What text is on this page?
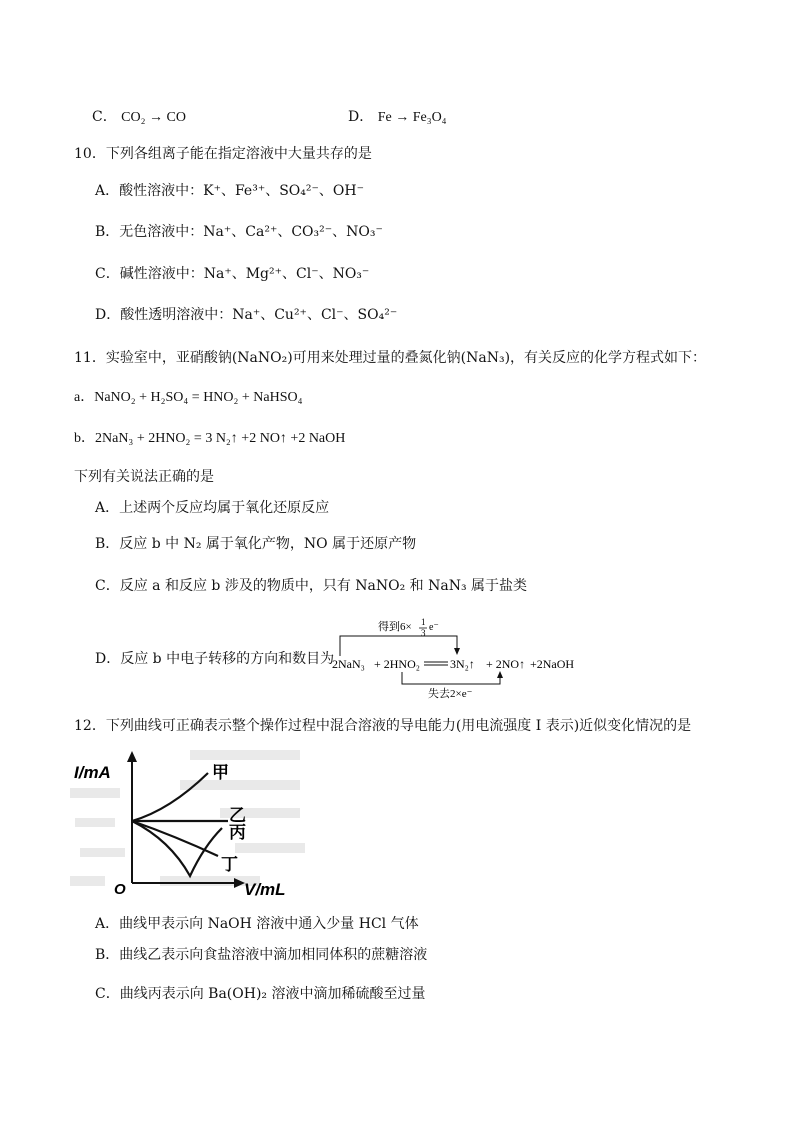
C． CO₂ → CO	D． Fe → Fe₃O₄
10．下列各组离子能在指定溶液中大量共存的是
A．酸性溶液中：K⁺、Fe³⁺、SO₄²⁻、OH⁻
B．无色溶液中：Na⁺、Ca²⁺、CO₃²⁻、NO₃⁻
C．碱性溶液中：Na⁺、Mg²⁺、Cl⁻、NO₃⁻
D．酸性透明溶液中：Na⁺、Cu²⁺、Cl⁻、SO₄²⁻
11．实验室中，亚硝酸钠(NaNO₂)可用来处理过量的叠氮化钠(NaN₃)，有关反应的化学方程式如下：
a．NaNO₂ + H₂SO₄ = HNO₂ + NaHSO₄
b．2NaN₃ + 2HNO₂ = 3 N₂↑ +2 NO↑ +2 NaOH
下列有关说法正确的是
A．上述两个反应均属于氧化还原反应
B．反应 b 中 N₂ 属于氧化产物，NO 属于还原产物
C．反应 a 和反应 b 涉及的物质中，只有 NaNO₂ 和 NaN₃ 属于盐类
D．反应 b 中电子转移的方向和数目为
得到6× 1
3 e⁻
2NaN₃ + 2HNO₂	3N₂↑ + 2NO↑ +2NaOH
失去2×e⁻
12．下列曲线可正确表示整个操作过程中混合溶液的导电能力(用电流强度 I 表示)近似变化情况的是
I/mA
V/mL
O
甲
乙
丙
丁
A．曲线甲表示向 NaOH 溶液中通入少量 HCl 气体
B．曲线乙表示向食盐溶液中滴加相同体积的蔗糖溶液
C．曲线丙表示向 Ba(OH)₂ 溶液中滴加稀硫酸至过量
